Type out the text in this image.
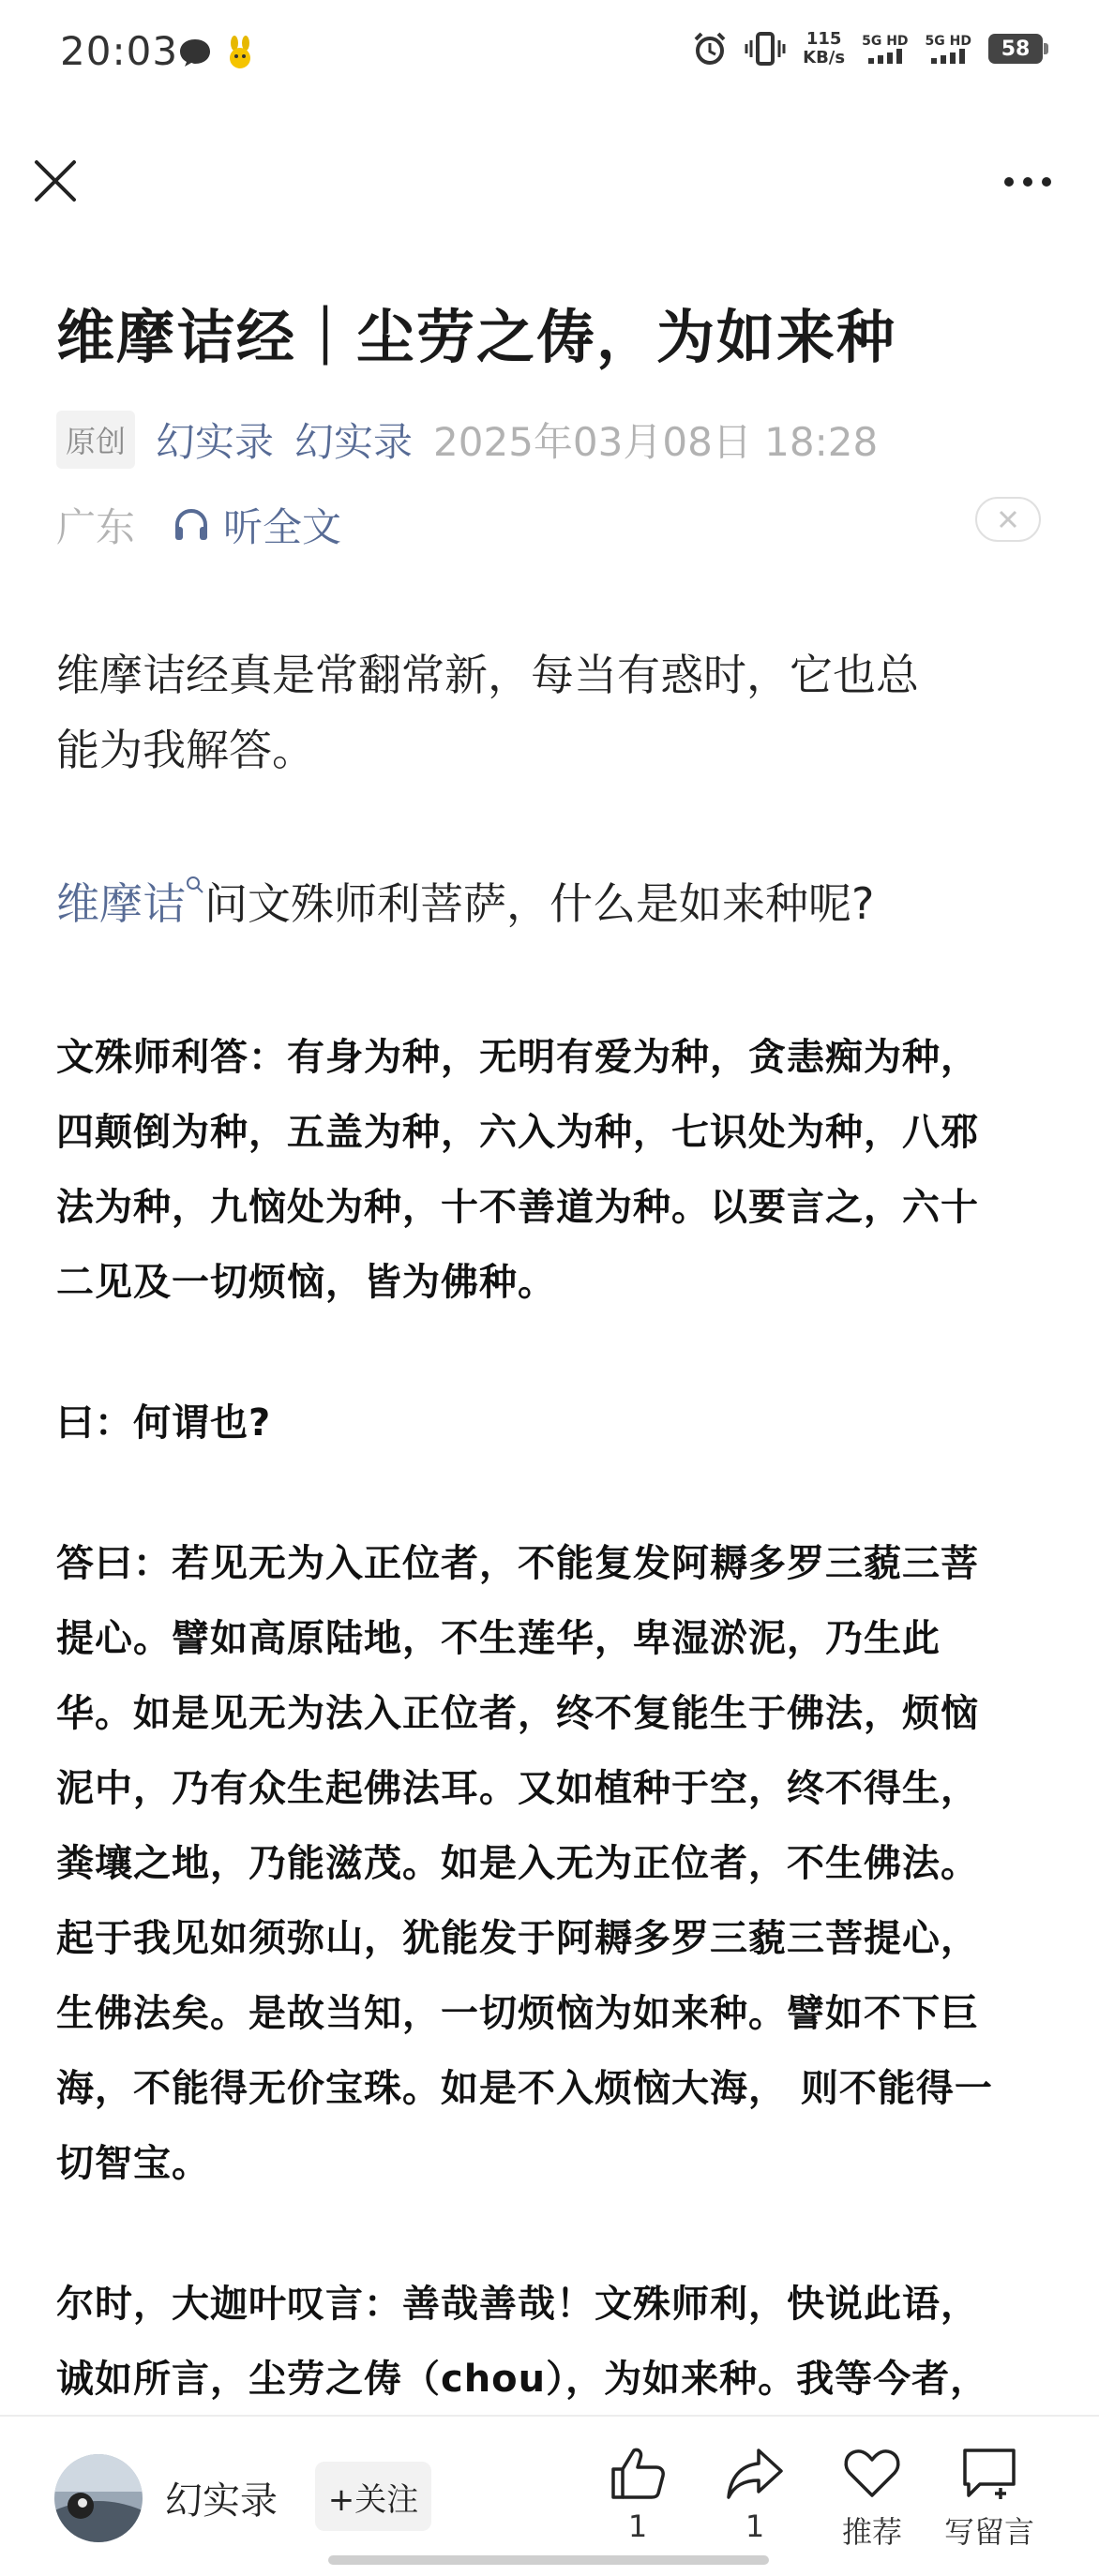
20:03	115
KB/s
5G HD 5G HD	58
维摩诘经｜尘劳之俦，为如来种
原创 幻实录 幻实录 2025年03月08日 18:28
广东 听全文
维摩诘经真是常翻常新，每当有惑时，它也总
能为我解答。
维摩诘 问文殊师利菩萨，什么是如来种呢?
文殊师利答：有身为种，无明有爱为种，贪恚痴为种，
四颠倒为种，五盖为种，六入为种，七识处为种，八邪
法为种，九恼处为种，十不善道为种。以要言之，六十
二见及一切烦恼，皆为佛种。
曰：何谓也?
答曰：若见无为入正位者，不能复发阿耨多罗三藐三菩
提心。譬如高原陆地，不生莲华，卑湿淤泥，乃生此
华。如是见无为法入正位者，终不复能生于佛法，烦恼
泥中，乃有众生起佛法耳。又如植种于空，终不得生，
粪壤之地，乃能滋茂。如是入无为正位者，不生佛法。
起于我见如须弥山，犹能发于阿耨多罗三藐三菩提心，
生佛法矣。是故当知，一切烦恼为如来种。譬如不下巨
海，不能得无价宝珠。如是不入烦恼大海， 则不能得一
切智宝。
尔时，大迦叶叹言：善哉善哉！文殊师利，快说此语，
诚如所言，尘劳之俦（chou），为如来种。我等今者，
幻实录	+关注
1	1	推荐 写留言
